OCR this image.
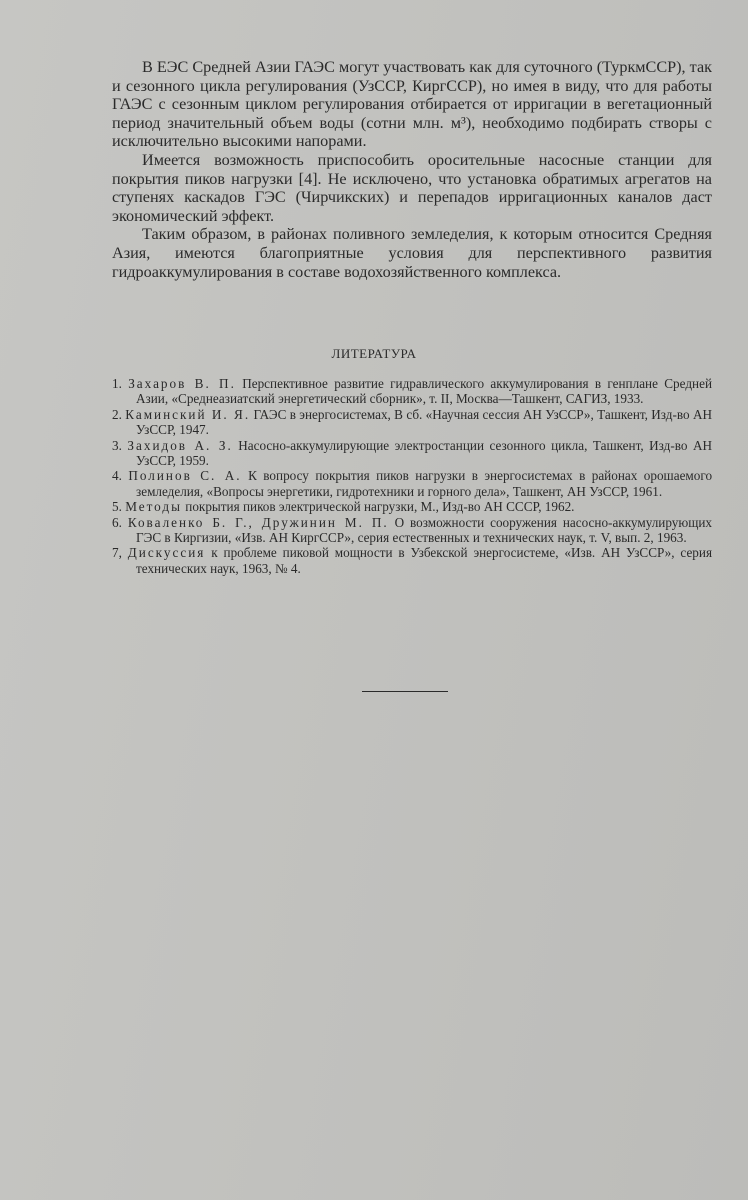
В ЕЭС Средней Азии ГАЭС могут участвовать как для суточного (ТуркмССР), так и сезонного цикла регулирования (УзССР, КиргССР), но имея в виду, что для работы ГАЭС с сезонным циклом регулирования отбирается от ирригации в вегетационный период значительный объем воды (сотни млн. м³), необходимо подбирать створы с исключительно высокими напорами.

Имеется возможность приспособить оросительные насосные станции для покрытия пиков нагрузки [4]. Не исключено, что установка обратимых агрегатов на ступенях каскадов ГЭС (Чирчикских) и перепадов ирригационных каналов даст экономический эффект.

Таким образом, в районах поливного земледелия, к которым относится Средняя Азия, имеются благоприятные условия для перспективного развития гидроаккумулирования в составе водохозяйственного комплекса.

ЛИТЕРАТУРА
1. Захаров В. П. Перспективное развитие гидравлического аккумулирования в генплане Средней Азии, «Среднеазиатский энергетический сборник», т. II, Москва—Ташкент, САГИЗ, 1933.
2. Каминский И. Я. ГАЭС в энергосистемах, В сб. «Научная сессия АН УзССР», Ташкент, Изд-во АН УзССР, 1947.
3. Захидов А. З. Насосно-аккумулирующие электростанции сезонного цикла, Ташкент, Изд-во АН УзССР, 1959.
4. Полинов С. А. К вопросу покрытия пиков нагрузки в энергосистемах в районах орошаемого земледелия, «Вопросы энергетики, гидротехники и горного дела», Ташкент, АН УзССР, 1961.
5. Методы покрытия пиков электрической нагрузки, М., Изд-во АН СССР, 1962.
6. Коваленко Б. Г., Дружинин М. П. О возможности сооружения насосно-аккумулирующих ГЭС в Киргизии, «Изв. АН КиргССР», серия естественных и технических наук, т. V, вып. 2, 1963.
7, Дискуссия к проблеме пиковой мощности в Узбекской энергосистеме, «Изв. АН УзССР», серия технических наук, 1963, № 4.
